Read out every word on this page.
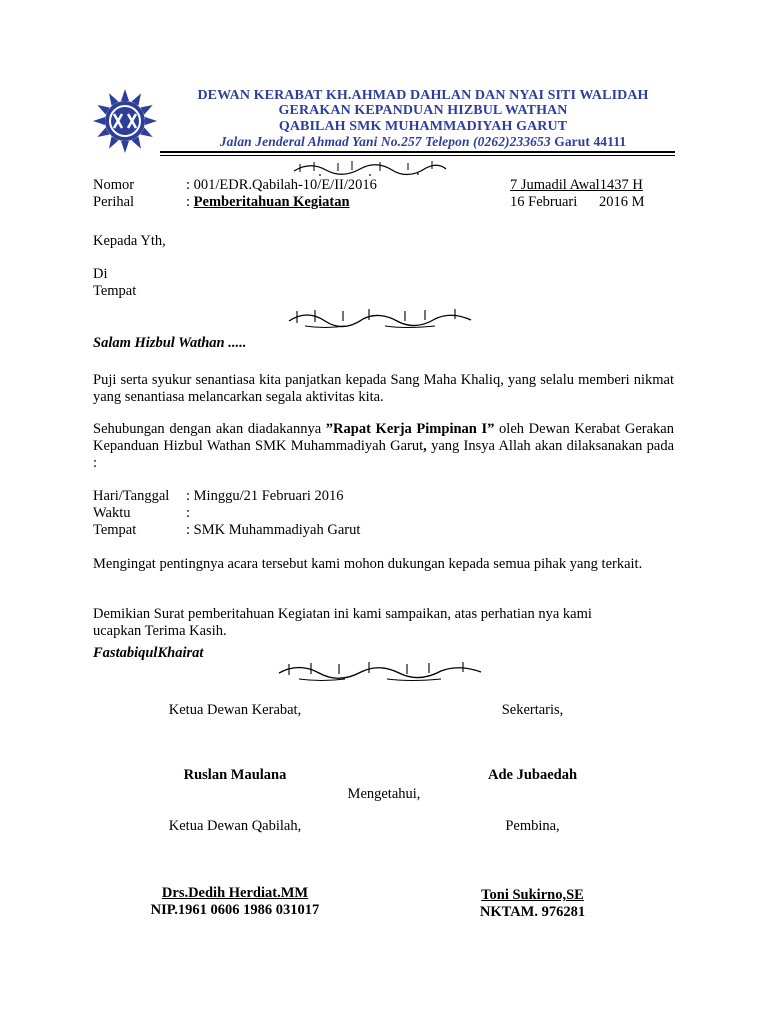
DEWAN KERABAT KH.AHMAD DAHLAN DAN NYAI SITI WALIDAH
GERAKAN KEPANDUAN HIZBUL WATHAN
QABILAH SMK MUHAMMADIYAH GARUT
Jalan Jenderal Ahmad Yani No.257 Telepon (0262)233653 Garut 44111
Nomor	: 001/EDR.Qabilah-10/E/II/2016	7 Jumadil Awal1437 H
Perihal	: Pemberitahuan Kegiatan	16 Februari      2016 M
Kepada Yth,
Di
Tempat
Salam Hizbul Wathan .....
Puji serta syukur senantiasa kita panjatkan kepada Sang Maha Khaliq, yang selalu memberi nikmat yang senantiasa melancarkan segala aktivitas kita.
Sehubungan dengan akan diadakannya ”Rapat Kerja Pimpinan I” oleh Dewan Kerabat Gerakan Kepanduan Hizbul Wathan SMK Muhammadiyah Garut, yang Insya Allah akan dilaksanakan pada :
Hari/Tanggal : Minggu/21 Februari 2016
Waktu	:
Tempat	: SMK Muhammadiyah Garut
Mengingat pentingnya acara tersebut kami mohon dukungan kepada semua pihak yang terkait.
Demikian Surat pemberitahuan Kegiatan ini kami sampaikan, atas perhatian nya kami ucapkan Terima Kasih.
FastabiqulKhairat
Ketua Dewan Kerabat,	Sekertaris,
Ruslan Maulana	Ade Jubaedah
Mengetahui,
Ketua Dewan Qabilah,	Pembina,
Drs.Dedih Herdiat.MM
NIP.1961 0606 1986 031017
Toni Sukirno,SE
NKTAM. 976281
